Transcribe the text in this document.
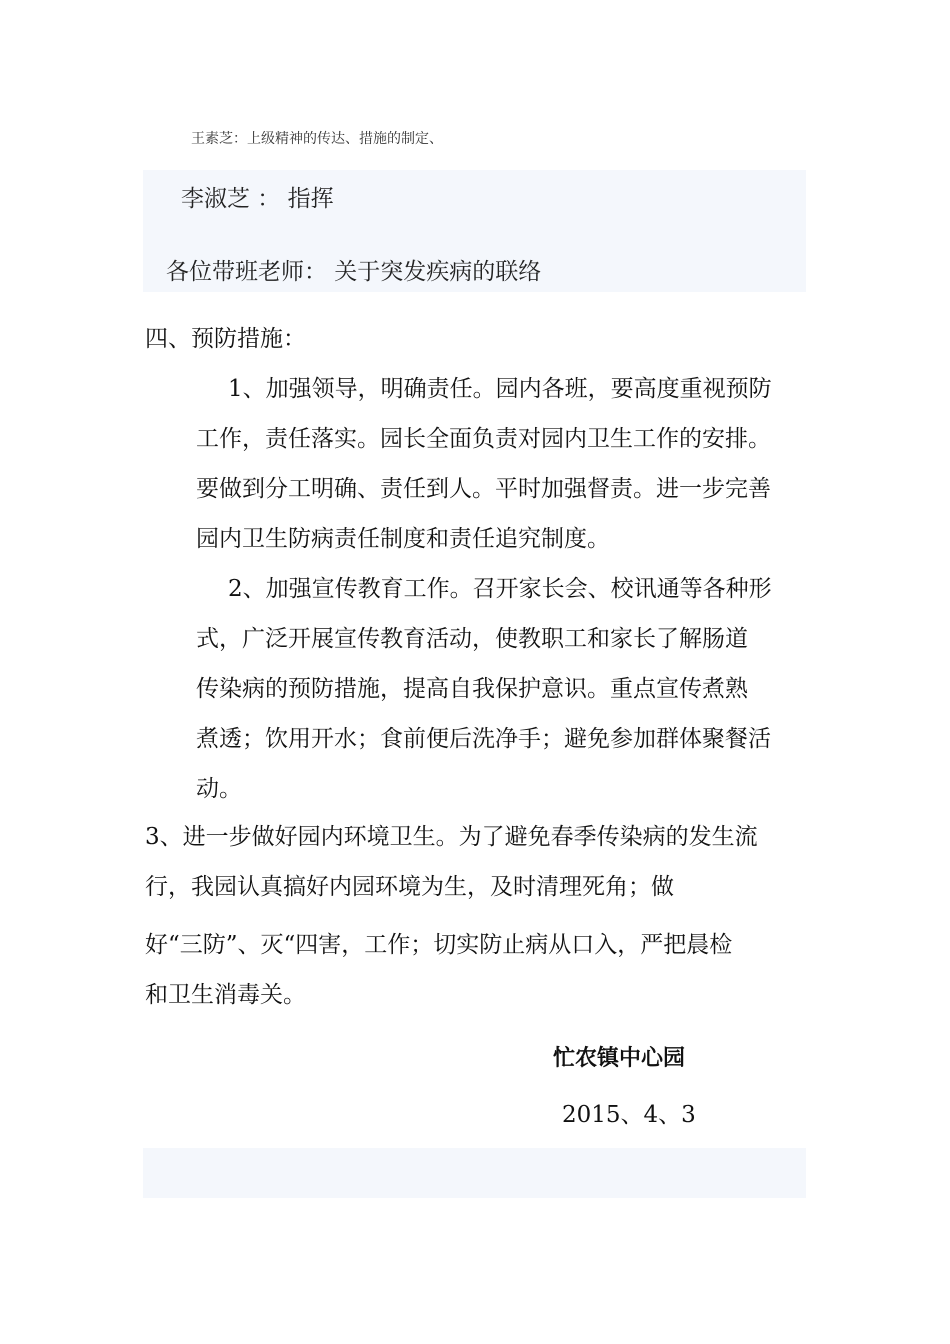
王素芝：上级精神的传达、措施的制定、
李淑芝 ： 指挥
各位带班老师： 关于突发疾病的联络
四、预防措施：
1、加强领导，明确责任。园内各班，要高度重视预防
工作，责任落实。园长全面负责对园内卫生工作的安排。
要做到分工明确、责任到人。平时加强督责。进一步完善
园内卫生防病责任制度和责任追究制度。
2、加强宣传教育工作。召开家长会、校讯通等各种形
式，广泛开展宣传教育活动，使教职工和家长了解肠道
传染病的预防措施，提高自我保护意识。重点宣传煮熟
煮透；饮用开水；食前便后洗净手；避免参加群体聚餐活
动。
3、进一步做好园内环境卫生。为了避免春季传染病的发生流
行，我园认真搞好内园环境为生，及时清理死角；做
好“三防”、灭“四害，工作；切实防止病从口入，严把晨检
和卫生消毒关。
忙农镇中心园
2015、4、3
